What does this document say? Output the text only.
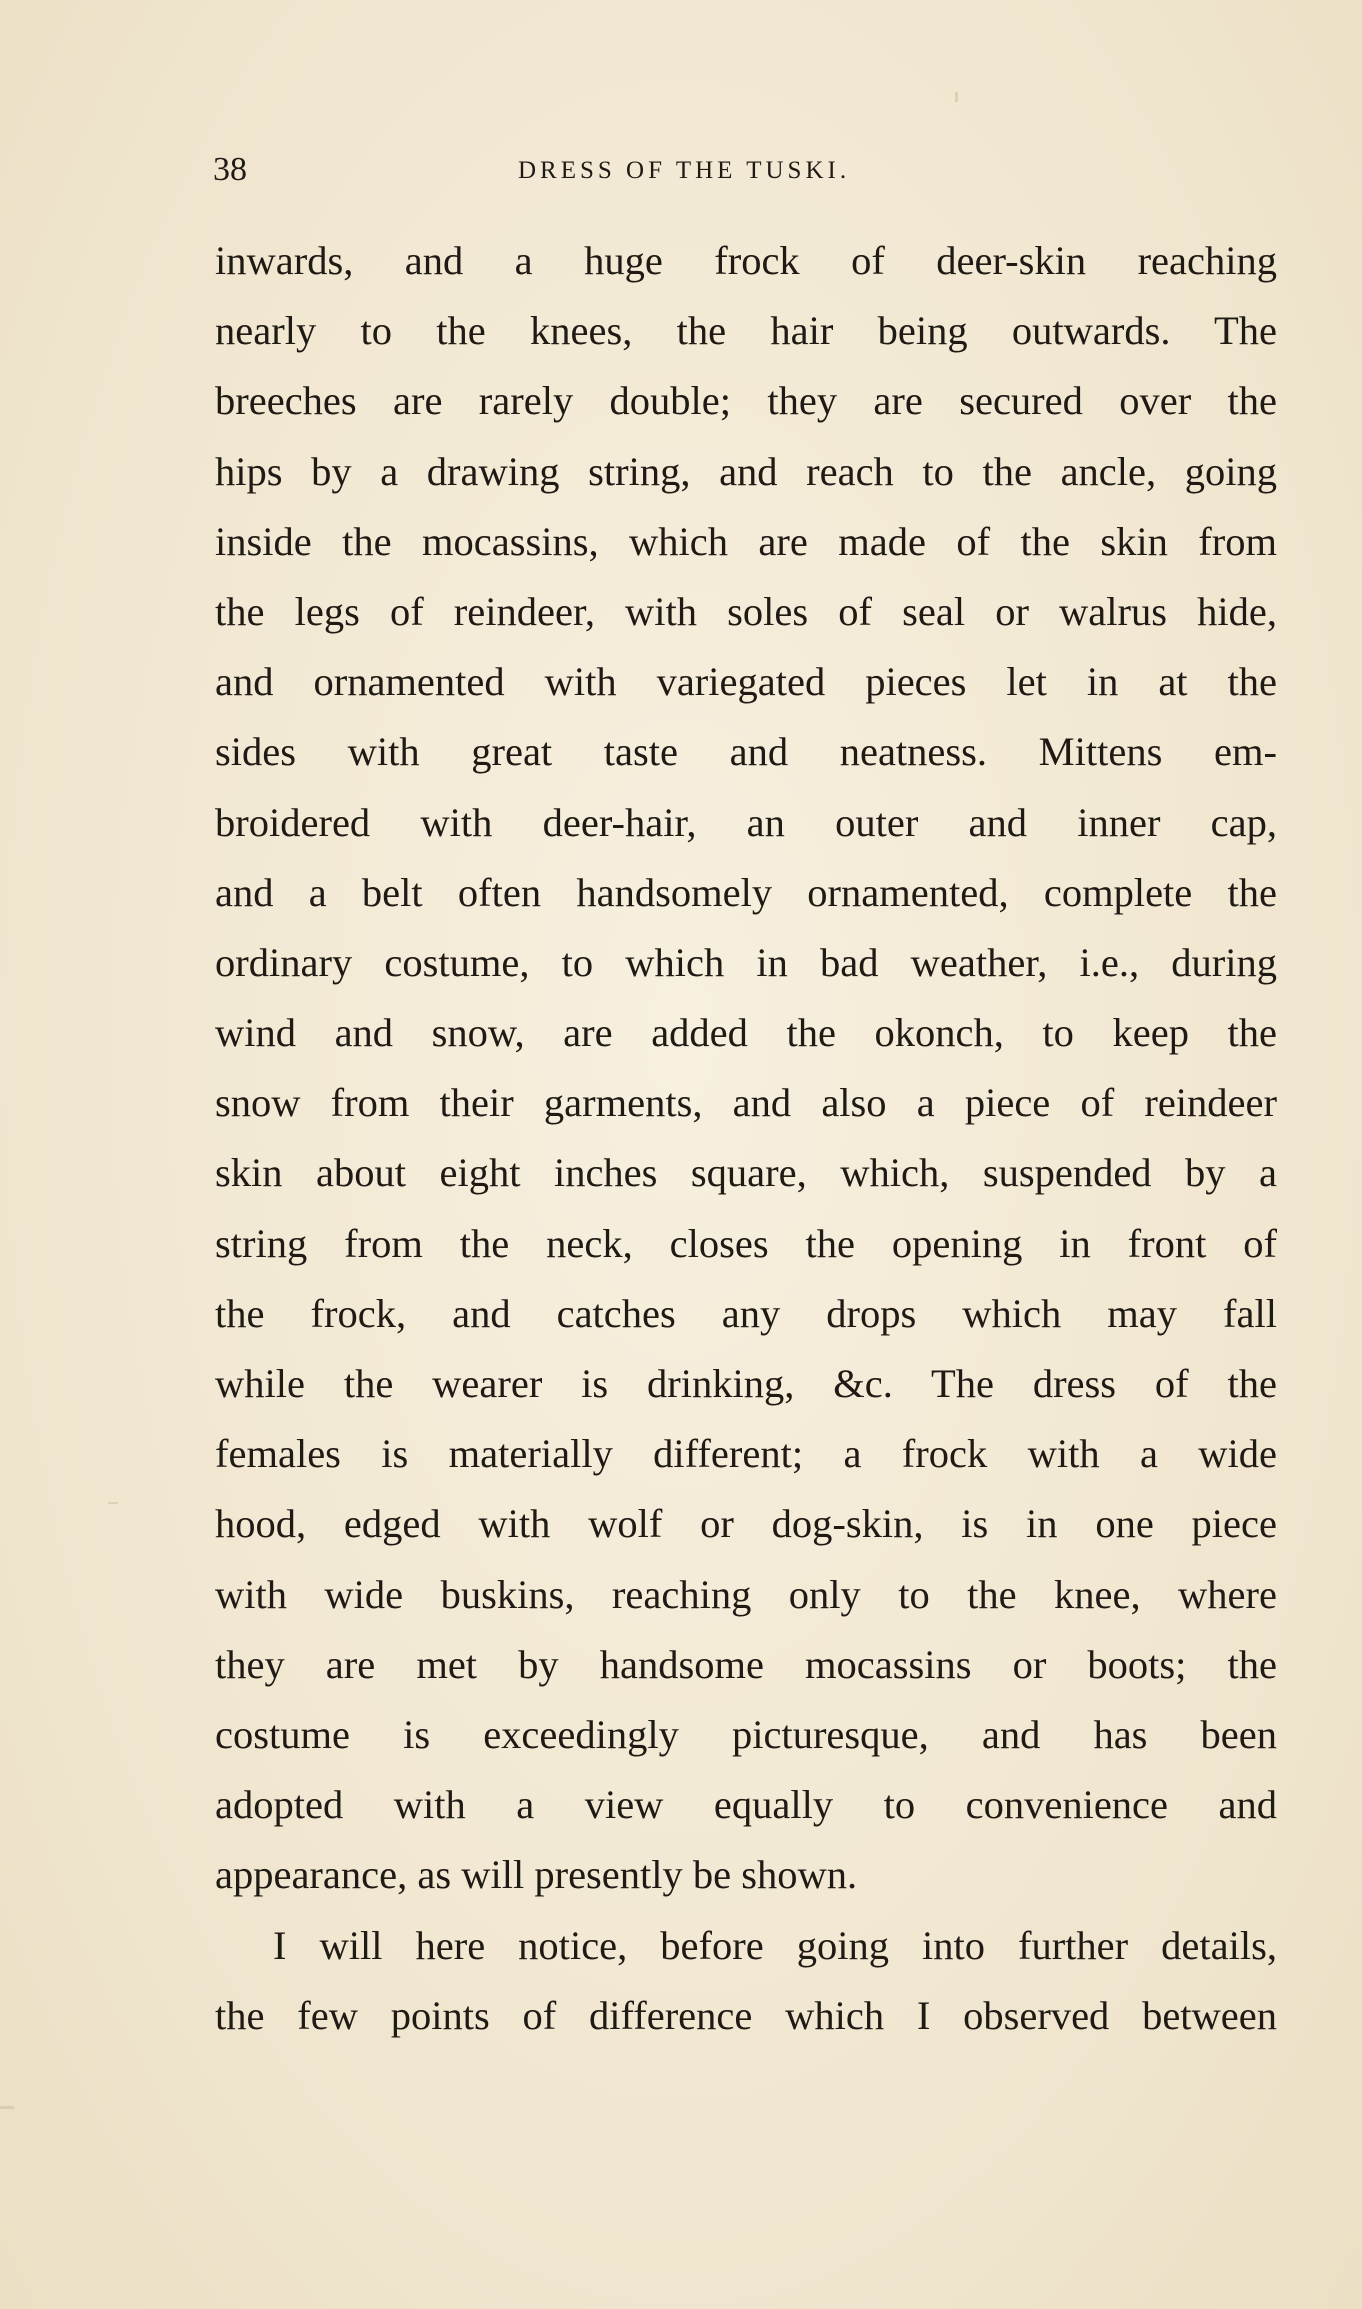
38	DRESS OF THE TUSKI.
inwards, and a huge frock of deer-skin reaching
nearly to the knees, the hair being outwards. The
breeches are rarely double; they are secured over the
hips by a drawing string, and reach to the ancle, going
inside the mocassins, which are made of the skin from
the legs of reindeer, with soles of seal or walrus hide,
and ornamented with variegated pieces let in at the
sides with great taste and neatness. Mittens em-
broidered with deer-hair, an outer and inner cap,
and a belt often handsomely ornamented, complete the
ordinary costume, to which in bad weather, i.e., during
wind and snow, are added the okonch, to keep the
snow from their garments, and also a piece of reindeer
skin about eight inches square, which, suspended by a
string from the neck, closes the opening in front of
the frock, and catches any drops which may fall
while the wearer is drinking, &c. The dress of the
females is materially different; a frock with a wide
hood, edged with wolf or dog-skin, is in one piece
with wide buskins, reaching only to the knee, where
they are met by handsome mocassins or boots; the
costume is exceedingly picturesque, and has been
adopted with a view equally to convenience and
appearance, as will presently be shown.
I will here notice, before going into further details,
the few points of difference which I observed between
